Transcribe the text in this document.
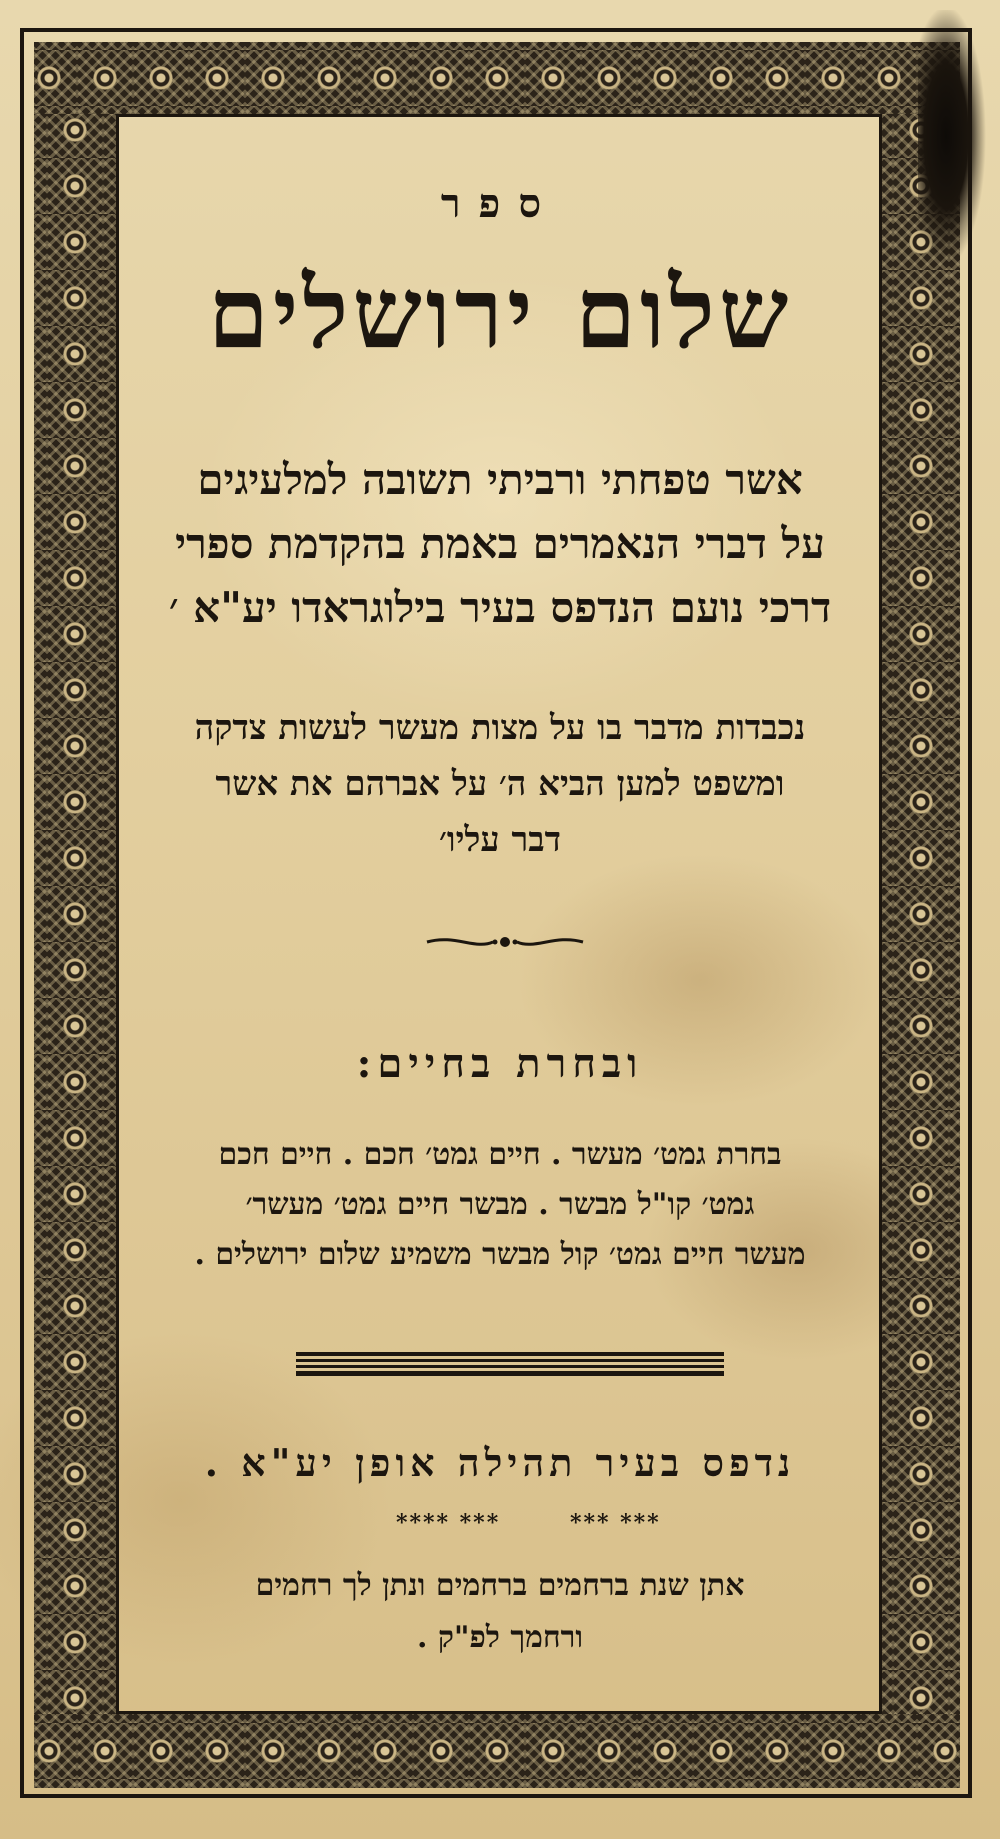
ספר
שלום ירושלים
אשר טפחתי ורביתי תשובה למלעיגים
על דברי הנאמרים באמת בהקדמת ספרי
דרכי נועם הנדפס בעיר בילוגראדו יע"א ׳
נכבדות מדבר בו על מצות מעשר לעשות צדקה
ומשפט למען הביא ה׳ על אברהם את אשר
דבר עליו׳
ובחרת בחיים:
בחרת גמט׳ מעשר . חיים גמט׳ חכם . חיים חכם
גמט׳ קו"ל מבשר . מבשר חיים גמט׳ מעשר׳
מעשר חיים גמט׳ קול מבשר משמיע שלום ירושלים .
נדפס בעיר תהילה אופן יע"א .
**** ***	*** ***
אתן שנת ברחמים ברחמים ונתן לך רחמים
ורחמך לפ"ק .
